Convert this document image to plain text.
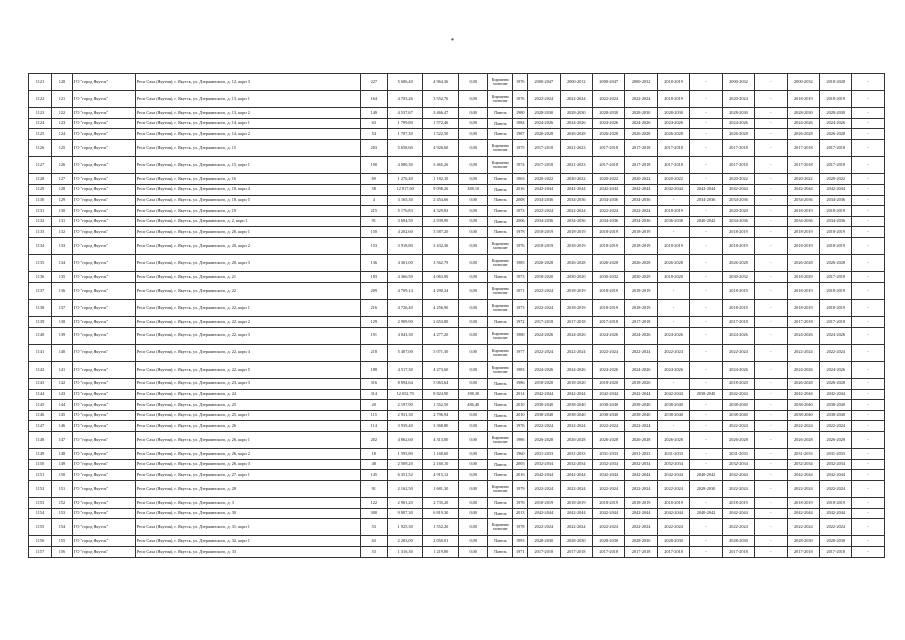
*
1121	120	ГО "город Якутск"	Респ Саха (Якутия), г. Якутск, ул. Дзержинского, д. 12, корп 3	227	5 686,40	4 964,36	0,00	Кирпично монолит	1976	2000-2047	2000-2012	2000-2047	2000-2032	2018-2019	-	2000-2032	-	2000-2032	2018-2028	-
1122	121	ГО "город Якутск"	Респ Саха (Якутия), г. Якутск, ул. Дзержинского, д. 13, корп 1	164	4 703,26	3 552,76	0,00	Кирпично монолит	1976	2022-2024	2022-2024	2022-2024	2022-2024	2018-2019	-	2020-2024	-	2018-2019	2018-2019	-
1123	122	ГО "город Якутск"	Респ Саха (Якутия), г. Якутск, ул. Дзержинского, д. 13, корп 2	149	4 537,67	3 466,47	0,00	Панель	1980	2028-2030	2028-2030	2028-2030	2028-2030	2028-2030	-	2028-2030	-	2028-2030	2028-2030	-
1124	123	ГО "город Якутск"	Респ Саха (Якутия), г. Якутск, ул. Дзержинского, д. 14, корп 1	63	1 799,80	1 572,46	0,00	Панель	1984	2024-2026	2024-2026	2024-2026	2024-2026	2024-2026	-	2024-2026	-	2024-2026	2024-2026	-
1125	124	ГО "город Якутск"	Респ Саха (Якутия), г. Якутск, ул. Дзержинского, д. 14, корп 2	54	1 787,30	1 522,50	0,00	Панель	1987	2026-2028	2026-2028	2026-2028	2026-2028	2026-2028	-	2026-2028	-	2026-2028	2026-2028	-
1126	125	ГО "город Якутск"	Респ Саха (Якутия), г. Якутск, ул. Дзержинского, д. 15	203	5 658,60	4 926,60	0,00	Кирпично монолит	1975	2017-2018	2021-2023	2017-2018	2017-2018	2017-2018	-	2017-2018	-	2017-2018	2017-2018	-
1127	126	ГО "город Якутск"	Респ Саха (Якутия), г. Якутск, ул. Дзержинского, д. 15, корп 1	190	4 080,30	3 465,26	0,00	Кирпично монолит	1974	2017-2018	2021-2023	2017-2018	2017-2018	2017-2018	-	2017-2018	-	2017-2018	2017-2018	-
1128	127	ГО "город Якутск"	Респ Саха (Якутия), г. Якутск, ул. Дзержинского, д. 16	69	1 276,40	1 182,10	0,00	Панель	1963	2020-2022	2020-2022	2020-2022	2020-2022	2020-2022	-	2020-2022	-	2020-2022	2020-2022	-
1129	128	ГО "город Якутск"	Респ Саха (Якутия), г. Якутск, ул. Дзержинского, д. 18, корп 4	58	12 817,60	9 098,26	388,10	Панель	2016	2042-2044	2042-2044	2042-2044	2042-2044	2042-2044	2042-2044	2042-2044	-	2042-2044	2042-2044	-
1130	129	ГО "город Якутск"	Респ Саха (Якутия), г. Якутск, ул. Дзержинского, д. 18, корп 5	4	3 165,30	2 454,66	0,00	Панель	2008	2034-2036	2034-2036	2034-2036	2034-2036	-	2034-2036	2034-2036	-	2034-2036	2034-2036	-
1131	130	ГО "город Якутск"	Респ Саха (Якутия), г. Якутск, ул. Дзержинского, д. 19	215	5 176,83	4 329,83	0,00	Панель	1973	2022-2024	2022-2024	2022-2024	2022-2024	2018-2019	-	2020-2020	-	2018-2019	2018-2019	-
1132	131	ГО "город Якутск"	Респ Саха (Якутия), г. Якутск, ул. Дзержинского, д. 2, корп 1	91	3 694,50	2 939,90	0,00	Панель	2006	2034-2036	2034-2036	2034-2036	2034-2036	2036-2038	2040-2042	2034-2036	-	2034-2036	2034-2036	-
1133	132	ГО "город Якутск"	Респ Саха (Якутия), г. Якутск, ул. Дзержинского, д. 20, корп 1	150	4 202,60	3 587,20	0,00	Панель	1978	2018-2019	2018-2019	2018-2019	2018-2019	-	-	2018-2019	-	2018-2019	2018-2019	-
1134	133	ГО "город Якутск"	Респ Саха (Якутия), г. Якутск, ул. Дзержинского, д. 20, корп 2	153	3 918,80	3 432,36	0,00	Кирпично монолит	1976	2018-2019	2018-2019	2018-2019	2018-2019	2018-2019	-	2018-2019	-	2018-2019	2018-2019	-
1135	134	ГО "город Якутск"	Респ Саха (Якутия), г. Якутск, ул. Дзержинского, д. 20, корп 3	136	4 361,00	3 562,79	0,00	Кирпично монолит	1985	2026-2028	2026-2028	2026-2028	2026-2028	2026-2028	-	2026-2028	-	2026-2028	2026-2028	-
1136	135	ГО "город Якутск"	Респ Саха (Якутия), г. Якутск, ул. Дзержинского, д. 21	183	4 366,50	4 063,90	0,00	Панель	1973	2018-2020	2030-2020	2030-2032	2030-2029	2018-2020	-	2030-2032	-	2018-2029	2017-2018	-
1137	136	ГО "город Якутск"	Респ Саха (Якутия), г. Якутск, ул. Дзержинского, д. 22	209	4 709,14	4 290,34	0,00	Кирпично монолит	1971	2022-2024	2018-2019	2018-2019	2018-2019	-	-	2018-2019	-	2018-2019	2018-2019	-
1138	137	ГО "город Якутск"	Респ Саха (Якутия), г. Якутск, ул. Дзержинского, д. 22, корп 1	216	4 726,40	4 256,90	0,00	Кирпично монолит	1973	2022-2024	2018-2019	2018-2019	2018-2019	-	-	2018-2019	-	2018-2019	2018-2019	-
1139	138	ГО "город Якутск"	Респ Саха (Якутия), г. Якутск, ул. Дзержинского, д. 22, корп 2	129	2 909,90	2 653,80	0,00	Панель	1972	2017-2018	2017-2018	2017-2018	2017-2018	-	-	2017-2018	-	2017-2018	2017-2018	-
1140	139	ГО "город Якутск"	Респ Саха (Якутия), г. Якутск, ул. Дзержинского, д. 22, корп 3	191	4 843,30	4 277,20	0,00	Кирпично монолит	1980	2024-2026	2024-2026	2024-2026	2024-2026	2024-2026	-	2024-2026	-	2024-2026	2024-2026	-
1141	140	ГО "город Якутск"	Респ Саха (Якутия), г. Якутск, ул. Дзержинского, д. 22, корп 4	218	5 407,00	5 071,30	0,00	Кирпично монолит	1977	2022-2024	2022-2024	2022-2024	2022-2024	2022-2024	-	2022-2024	-	2022-2024	2022-2024	-
1142	141	ГО "город Якутск"	Респ Саха (Якутия), г. Якутск, ул. Дзержинского, д. 22, корп 5	188	4 517,30	4 273,60	0,00	Кирпично монолит	1983	2024-2026	2024-2026	2024-2026	2024-2026	2024-2026	-	2024-2026	-	2024-2026	2024-2026	-
1143	142	ГО "город Якутск"	Респ Саха (Якутия), г. Якутск, ул. Дзержинского, д. 23, корп 3	316	8 094,64	5 063,64	0,00	Панель	1986	2018-2020	2018-2020	2018-2020	2018-2020	-	-	2018-2020	-	2026-2028	2026-2028	-
1144	143	ГО "город Якутск"	Респ Саха (Якутия), г. Якутск, ул. Дзержинского, д. 24	314	12 652,70	8 824,90	188,30	Панель	2014	2042-2044	2042-2044	2042-2044	2042-2044	2042-2044	2038-2040	2042-2044	-	2042-2044	2042-2044	-
1145	144	ГО "город Якутск"	Респ Саха (Якутия), г. Якутск, ул. Дзержинского, д. 25	20	2 197,90	1 352,50	486,40	Панель	2010	2038-2040	2038-2040	2038-2040	2038-2040	2038-2040	-	2038-2040	-	2038-2040	2038-2040	-
1146	145	ГО "город Якутск"	Респ Саха (Якутия), г. Якутск, ул. Дзержинского, д. 25, корп 1	115	2 931,30	2 796,94	0,00	Панель	2010	2038-2040	2038-2040	2038-2040	2038-2040	2038-2040	-	2038-2040	-	2038-2040	2038-2040	-
1147	146	ГО "город Якутск"	Респ Саха (Якутия), г. Якутск, ул. Дзержинского, д. 26	114	3 939,40	3 368,80	0,00	Панель	1976	2022-2024	2022-2024	2022-2024	2022-2024	-	-	2022-2024	-	2022-2024	2022-2024	-
1148	147	ГО "город Якутск"	Респ Саха (Якутия), г. Якутск, ул. Дзержинского, д. 26, корп 1	202	4 862,60	4 313,80	0,00	Кирпично монолит	1986	2026-2028	2026-2028	2026-2028	2026-2028	2026-2028	-	2026-2028	-	2026-2028	2026-2028	-
1149	148	ГО "город Якутск"	Респ Саха (Якутия), г. Якутск, ул. Дзержинского, д. 26, корп 2	18	1 595,80	1 168,60	0,00	Панель	1960	2031-2033	2031-2033	2031-2033	2031-2033	2031-2033	-	2031-2033	-	2031-2033	2031-2033	-
1150	149	ГО "город Якутск"	Респ Саха (Якутия), г. Якутск, ул. Дзержинского, д. 26, корп 3	48	2 509,20	2 160,10	0,00	Панель	2005	2032-2034	2032-2034	2032-2034	2032-2034	2032-2034	-	2032-2034	-	2032-2034	2032-2034	-
1151	150	ГО "город Якутск"	Респ Саха (Якутия), г. Якутск, ул. Дзержинского, д. 27, корп 1	145	6 351,52	4 915,12	0,00	Панель	2016	2042-2044	2042-2044	2042-2044	2042-2044	2042-2044	2040-2042	2042-2044	-	2042-2044	2042-2044	-
1152	151	ГО "город Якутск"	Респ Саха (Якутия), г. Якутск, ул. Дзержинского, д. 28	91	2 162,50	1 681,30	0,00	Кирпично монолит	1979	2022-2024	2022-2024	2022-2024	2022-2024	2022-2024	2028-2030	2022-2024	-	2022-2024	2022-2024	-
1153	152	ГО "город Якутск"	Респ Саха (Якутия), г. Якутск, ул. Дзержинского, д. 3	122	2 901,20	2 735,20	0,00	Панель	1976	2018-2019	2018-2019	2018-2019	2018-2019	2018-2019	-	2018-2019	-	2018-2019	2018-2019	-
1154	153	ГО "город Якутск"	Респ Саха (Якутия), г. Якутск, ул. Дзержинского, д. 30	300	9 807,30	6 819,30	0,00	Панель	2013	2042-2044	2042-2044	2042-2044	2042-2044	2042-2044	2040-2042	2042-2044	-	2042-2044	2042-2044	-
1155	154	ГО "город Якутск"	Респ Саха (Якутия), г. Якутск, ул. Дзержинского, д. 31, корп 1	53	1 925,30	1 552,20	0,00	Кирпично монолит	1978	2022-2024	2022-2024	2022-2024	2022-2024	2022-2024	-	2022-2024	-	2022-2024	2022-2024	-
1156	155	ГО "город Якутск"	Респ Саха (Якутия), г. Якутск, ул. Дзержинского, д. 32, корп 1	63	2 283,00	2 050,01	0,00	Панель	1993	2028-2030	2028-2030	2028-2030	2028-2030	2028-2030	-	2028-2030	-	2028-2030	2028-2030	-
1157	156	ГО "город Якутск"	Респ Саха (Якутия), г. Якутск, ул. Дзержинского, д. 33	53	1 316,30	1 219,80	0,00	Панель	1971	2017-2018	2017-2018	2017-2018	2017-2018	2017-2018	-	2017-2018	-	2017-2018	2017-2018	-
